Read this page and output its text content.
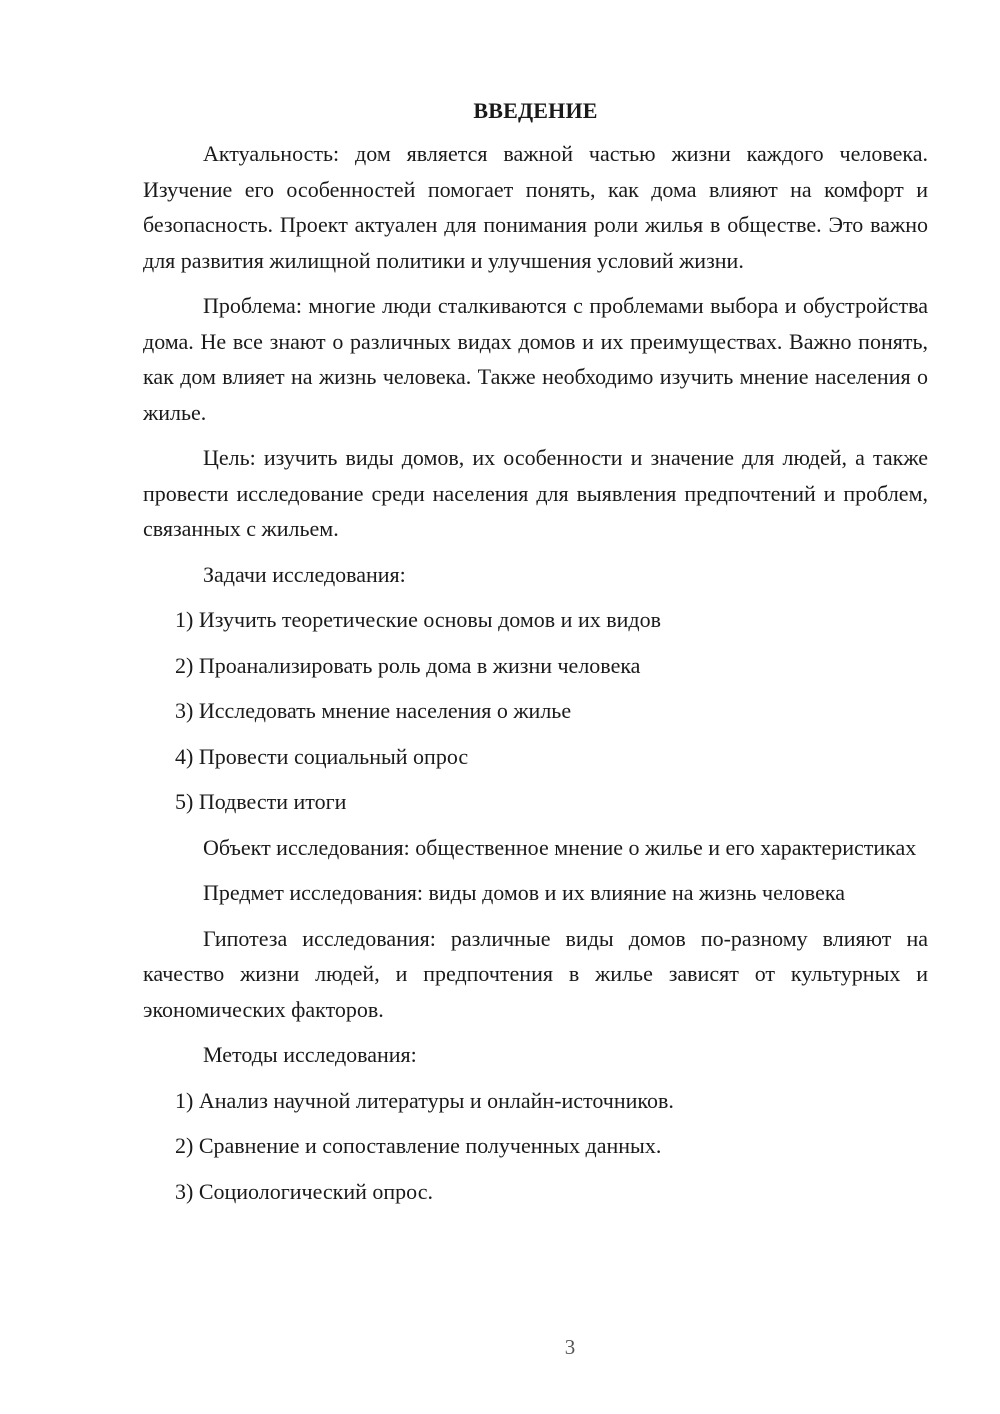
ВВЕДЕНИЕ

Актуальность: дом является важной частью жизни каждого человека. Изучение его особенностей помогает понять, как дома влияют на комфорт и безопасность. Проект актуален для понимания роли жилья в обществе. Это важно для развития жилищной политики и улучшения условий жизни.

Проблема: многие люди сталкиваются с проблемами выбора и обустройства дома. Не все знают о различных видах домов и их преимуществах. Важно понять, как дом влияет на жизнь человека. Также необходимо изучить мнение населения о жилье.

Цель: изучить виды домов, их особенности и значение для людей, а также провести исследование среди населения для выявления предпочтений и проблем, связанных с жильем.

Задачи исследования:

1) Изучить теоретические основы домов и их видов

2) Проанализировать роль дома в жизни человека

3) Исследовать мнение населения о жилье

4) Провести социальный опрос

5) Подвести итоги

Объект исследования: общественное мнение о жилье и его характеристиках

Предмет исследования: виды домов и их влияние на жизнь человека

Гипотеза исследования: различные виды домов по-разному влияют на качество жизни людей, и предпочтения в жилье зависят от культурных и экономических факторов.

Методы исследования:

1) Анализ научной литературы и онлайн-источников.

2) Сравнение и сопоставление полученных данных.

3) Социологический опрос.

3
